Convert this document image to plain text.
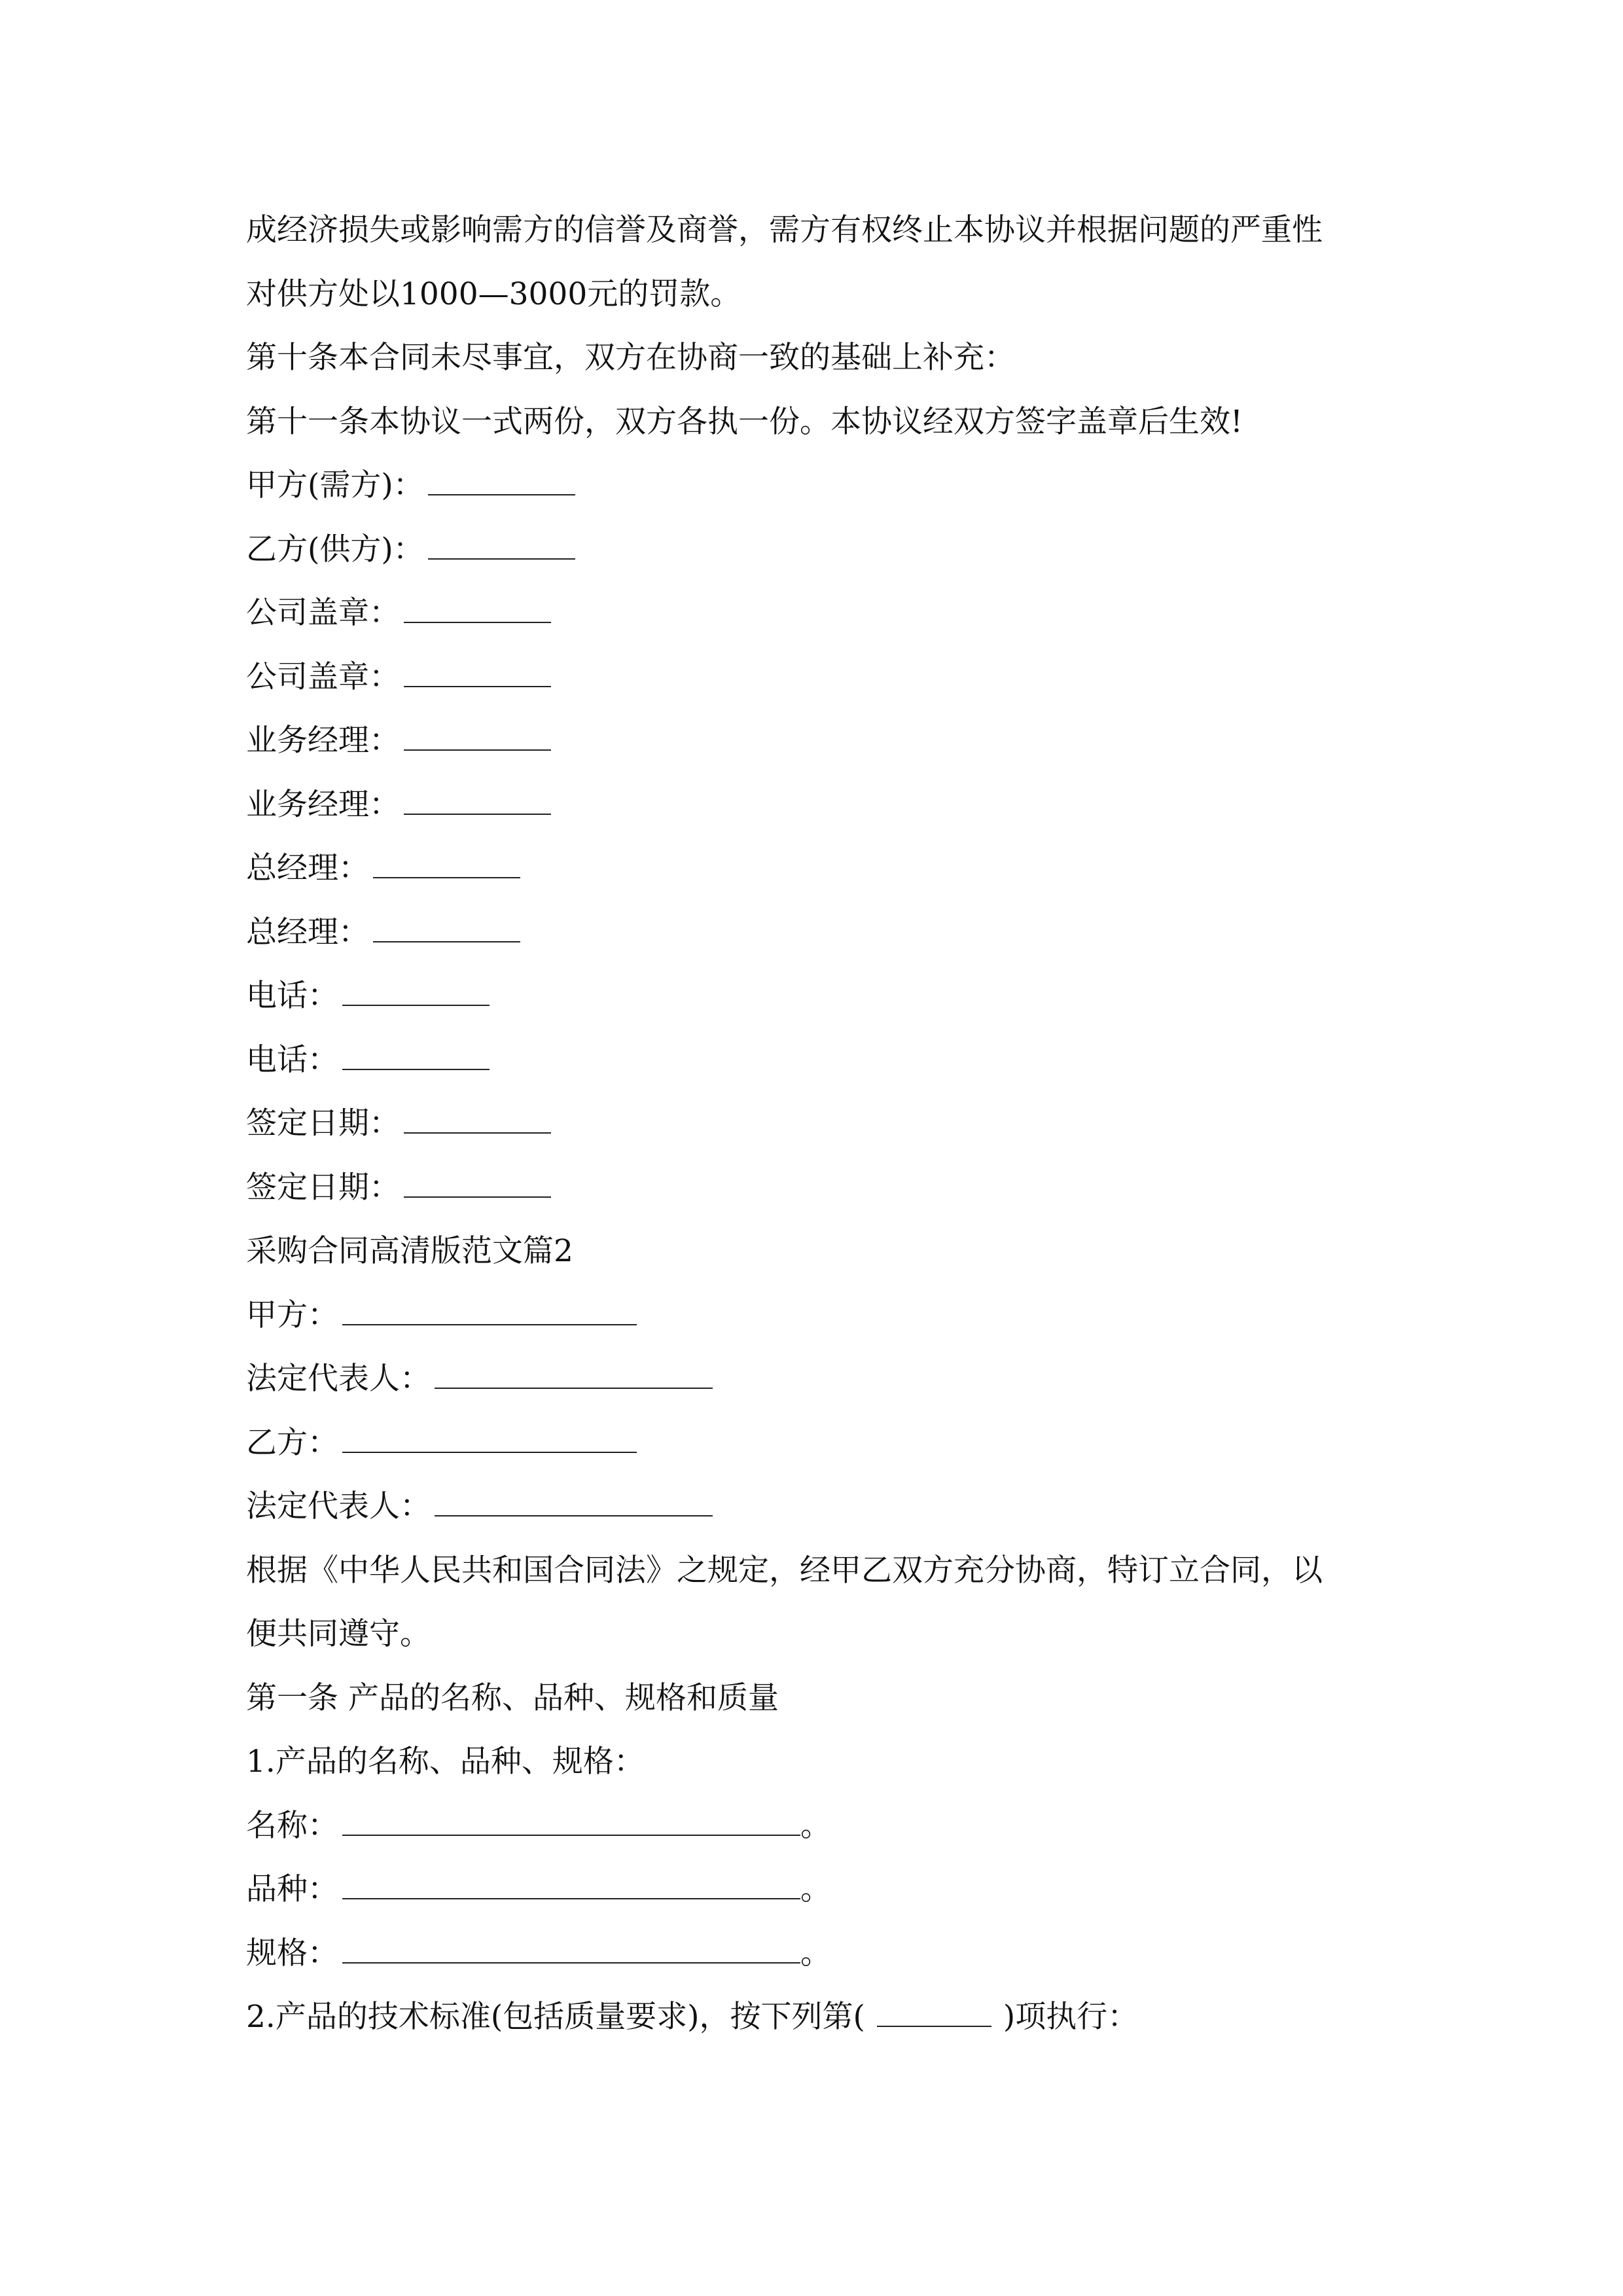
成经济损失或影响需方的信誉及商誉，需方有权终止本协议并根据问题的严重性
对供方处以1000—3000元的罚款。
第十条本合同未尽事宜，双方在协商一致的基础上补充：
第十一条本协议一式两份，双方各执一份。本协议经双方签字盖章后生效!
甲方(需方)：
乙方(供方)：
公司盖章：
公司盖章：
业务经理：
业务经理：
总经理：
总经理：
电话：
电话：
签定日期：
签定日期：
采购合同高清版范文篇2
甲方：
法定代表人：
乙方：
法定代表人：
根据《中华人民共和国合同法》之规定，经甲乙双方充分协商，特订立合同，以
便共同遵守。
第一条 产品的名称、品种、规格和质量
1.产品的名称、品种、规格：
名称：	。
品种：	。
规格：	。
2.产品的技术标准(包括质量要求)，按下列第(	)项执行：
